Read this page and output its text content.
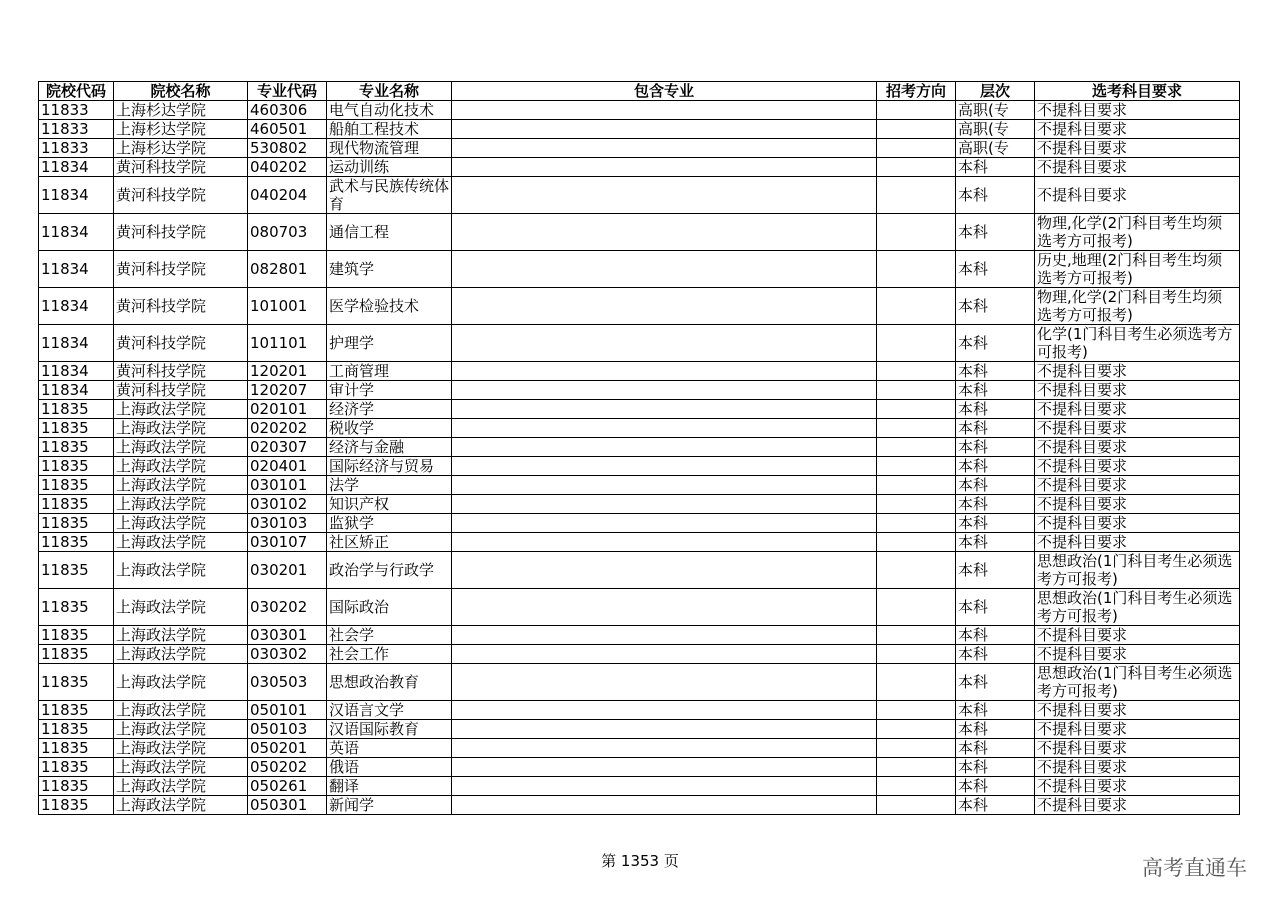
院校代码	院校名称	专业代码	专业名称	包含专业	招考方向	层次	选考科目要求
11833	上海杉达学院	460306	电气自动化技术			高职(专	不提科目要求
11833	上海杉达学院	460501	船舶工程技术			高职(专	不提科目要求
11833	上海杉达学院	530802	现代物流管理			高职(专	不提科目要求
11834	黄河科技学院	040202	运动训练			本科	不提科目要求
11834	黄河科技学院	040204	武术与民族传统体育			本科	不提科目要求
11834	黄河科技学院	080703	通信工程			本科	物理,化学(2门科目考生均须选考方可报考)
11834	黄河科技学院	082801	建筑学			本科	历史,地理(2门科目考生均须选考方可报考)
11834	黄河科技学院	101001	医学检验技术			本科	物理,化学(2门科目考生均须选考方可报考)
11834	黄河科技学院	101101	护理学			本科	化学(1门科目考生必须选考方可报考)
11834	黄河科技学院	120201	工商管理			本科	不提科目要求
11834	黄河科技学院	120207	审计学			本科	不提科目要求
11835	上海政法学院	020101	经济学			本科	不提科目要求
11835	上海政法学院	020202	税收学			本科	不提科目要求
11835	上海政法学院	020307	经济与金融			本科	不提科目要求
11835	上海政法学院	020401	国际经济与贸易			本科	不提科目要求
11835	上海政法学院	030101	法学			本科	不提科目要求
11835	上海政法学院	030102	知识产权			本科	不提科目要求
11835	上海政法学院	030103	监狱学			本科	不提科目要求
11835	上海政法学院	030107	社区矫正			本科	不提科目要求
11835	上海政法学院	030201	政治学与行政学			本科	思想政治(1门科目考生必须选考方可报考)
11835	上海政法学院	030202	国际政治			本科	思想政治(1门科目考生必须选考方可报考)
11835	上海政法学院	030301	社会学			本科	不提科目要求
11835	上海政法学院	030302	社会工作			本科	不提科目要求
11835	上海政法学院	030503	思想政治教育			本科	思想政治(1门科目考生必须选考方可报考)
11835	上海政法学院	050101	汉语言文学			本科	不提科目要求
11835	上海政法学院	050103	汉语国际教育			本科	不提科目要求
11835	上海政法学院	050201	英语			本科	不提科目要求
11835	上海政法学院	050202	俄语			本科	不提科目要求
11835	上海政法学院	050261	翻译			本科	不提科目要求
11835	上海政法学院	050301	新闻学			本科	不提科目要求
第 1353 页	高考直通车
